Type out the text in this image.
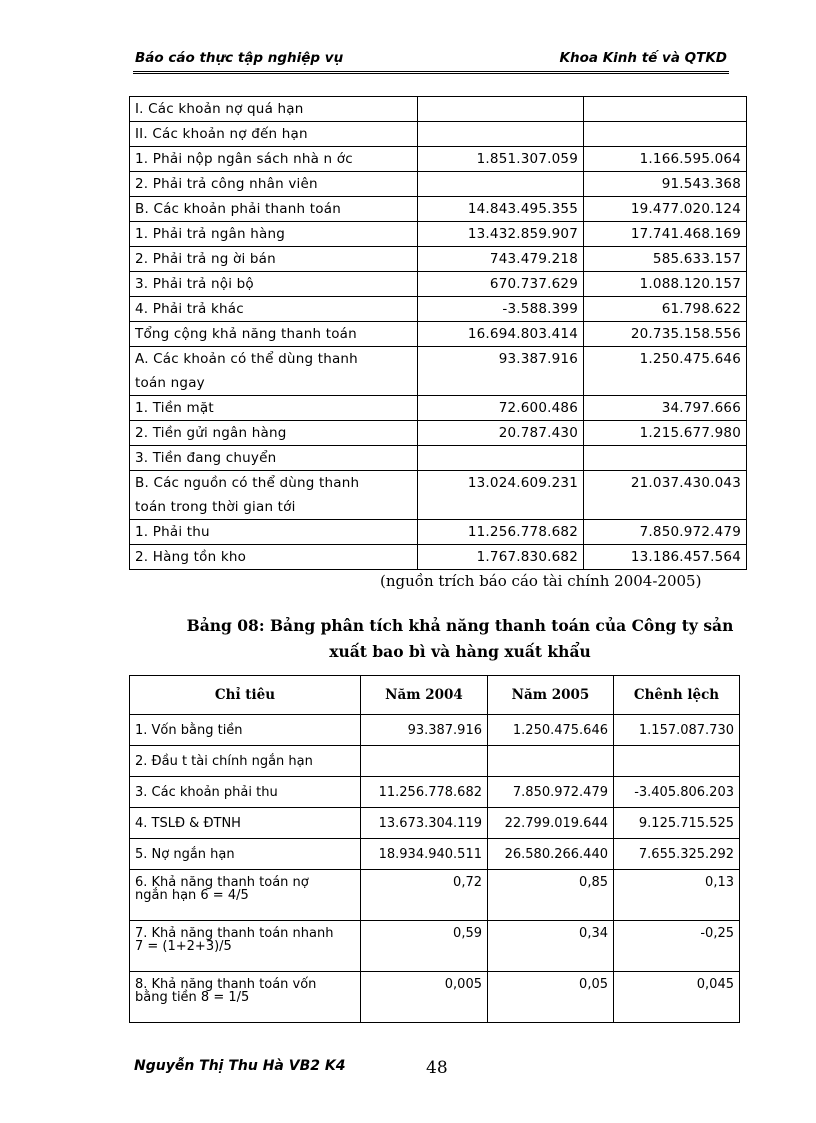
Báo cáo thực tập nghiệp vụ	Khoa Kinh tế và QTKD
I. Các khoản nợ quá hạn		

II. Các khoản nợ đến hạn		

1. Phải nộp ngân sách nhà n ớc	1.851.307.059	1.166.595.064

2. Phải trả công nhân viên		91.543.368

B. Các khoản phải thanh toán	14.843.495.355	19.477.020.124

1. Phải trả ngân hàng	13.432.859.907	17.741.468.169

2. Phải trả ng ời bán	743.479.218	585.633.157

3. Phải trả nội bộ	670.737.629	1.088.120.157

4. Phải trả khác	-3.588.399	61.798.622

Tổng cộng khả năng thanh toán	16.694.803.414	20.735.158.556

A. Các khoản có thể dùng thanh
toán ngay	93.387.916	1.250.475.646

1. Tiền mặt	72.600.486	34.797.666

2. Tiền gửi ngân hàng	20.787.430	1.215.677.980

3. Tiền đang chuyển		

B. Các nguồn có thể dùng thanh
toán trong thời gian tới	13.024.609.231	21.037.430.043

1. Phải thu	11.256.778.682	7.850.972.479

2. Hàng tồn kho	1.767.830.682	13.186.457.564
(nguồn trích báo cáo tài chính 2004-2005)
Bảng 08: Bảng phân tích khả năng thanh toán của Công ty sản
xuất bao bì và hàng xuất khẩu
Chỉ tiêu	Năm 2004	Năm 2005	Chênh lệch

1. Vốn bằng tiền	93.387.916	1.250.475.646	1.157.087.730

2. Đầu t tài chính ngắn hạn			

3. Các khoản phải thu	11.256.778.682	7.850.972.479	-3.405.806.203

4. TSLĐ & ĐTNH	13.673.304.119	22.799.019.644	9.125.715.525

5. Nợ ngắn hạn	18.934.940.511	26.580.266.440	7.655.325.292

6. Khả năng thanh toán nợ
ngắn hạn 6 = 4/5	0,72	0,85	0,13

7. Khả năng thanh toán nhanh
7 = (1+2+3)/5	0,59	0,34	-0,25

8. Khả năng thanh toán vốn
bằng tiền 8 = 1/5	0,005	0,05	0,045
Nguyễn Thị Thu Hà VB2 K4	48
